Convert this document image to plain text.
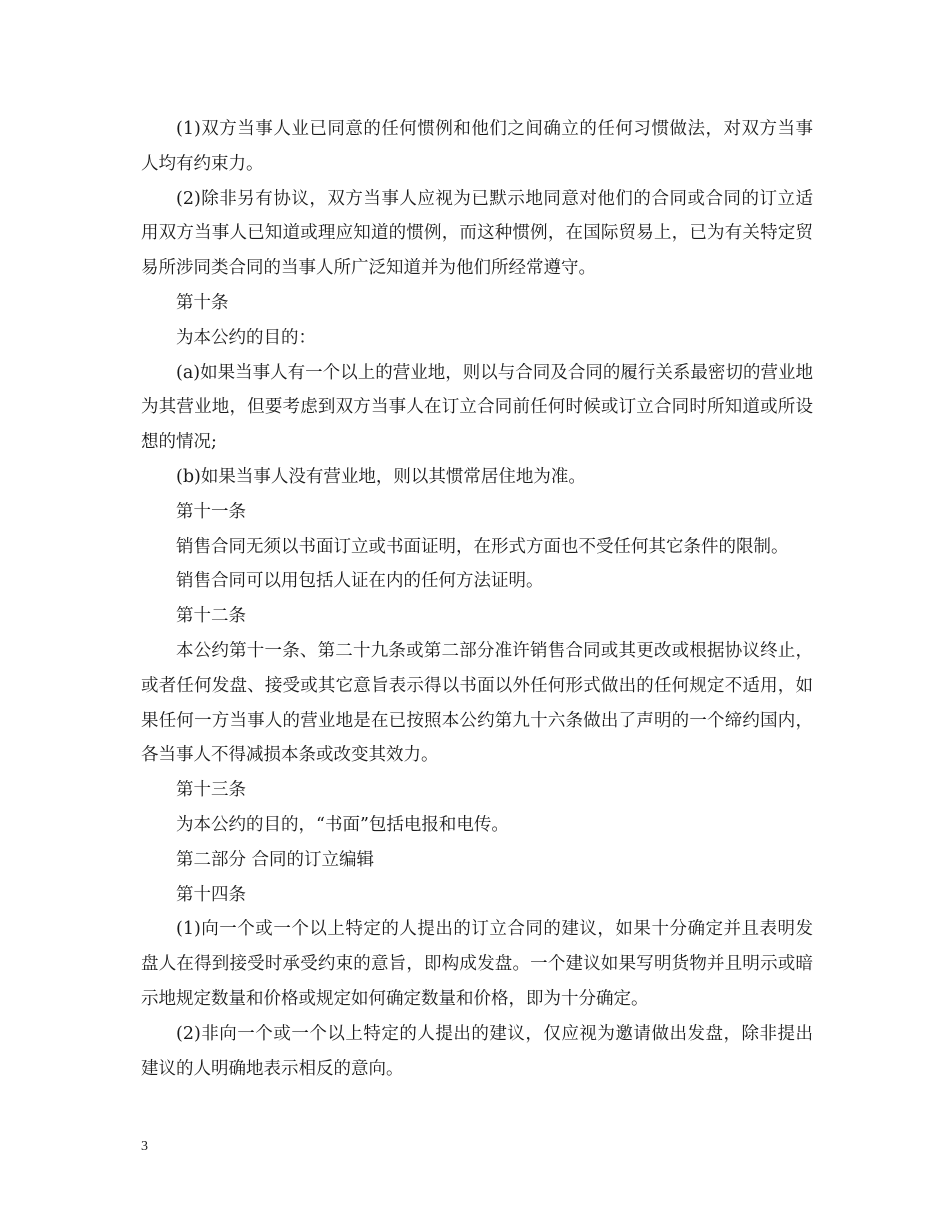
(1)双方当事人业已同意的任何惯例和他们之间确立的任何习惯做法，对双方当事人均有约束力。

(2)除非另有协议，双方当事人应视为已默示地同意对他们的合同或合同的订立适用双方当事人已知道或理应知道的惯例，而这种惯例，在国际贸易上，已为有关特定贸易所涉同类合同的当事人所广泛知道并为他们所经常遵守。

第十条

为本公约的目的：

(a)如果当事人有一个以上的营业地，则以与合同及合同的履行关系最密切的营业地为其营业地，但要考虑到双方当事人在订立合同前任何时候或订立合同时所知道或所设想的情况;

(b)如果当事人没有营业地，则以其惯常居住地为准。

第十一条

销售合同无须以书面订立或书面证明，在形式方面也不受任何其它条件的限制。

销售合同可以用包括人证在内的任何方法证明。

第十二条

本公约第十一条、第二十九条或第二部分准许销售合同或其更改或根据协议终止，或者任何发盘、接受或其它意旨表示得以书面以外任何形式做出的任何规定不适用，如果任何一方当事人的营业地是在已按照本公约第九十六条做出了声明的一个缔约国内，各当事人不得减损本条或改变其效力。

第十三条

为本公约的目的，“书面”包括电报和电传。

第二部分 合同的订立编辑

第十四条

(1)向一个或一个以上特定的人提出的订立合同的建议，如果十分确定并且表明发盘人在得到接受时承受约束的意旨，即构成发盘。一个建议如果写明货物并且明示或暗示地规定数量和价格或规定如何确定数量和价格，即为十分确定。

(2)非向一个或一个以上特定的人提出的建议，仅应视为邀请做出发盘，除非提出建议的人明确地表示相反的意向。

3
